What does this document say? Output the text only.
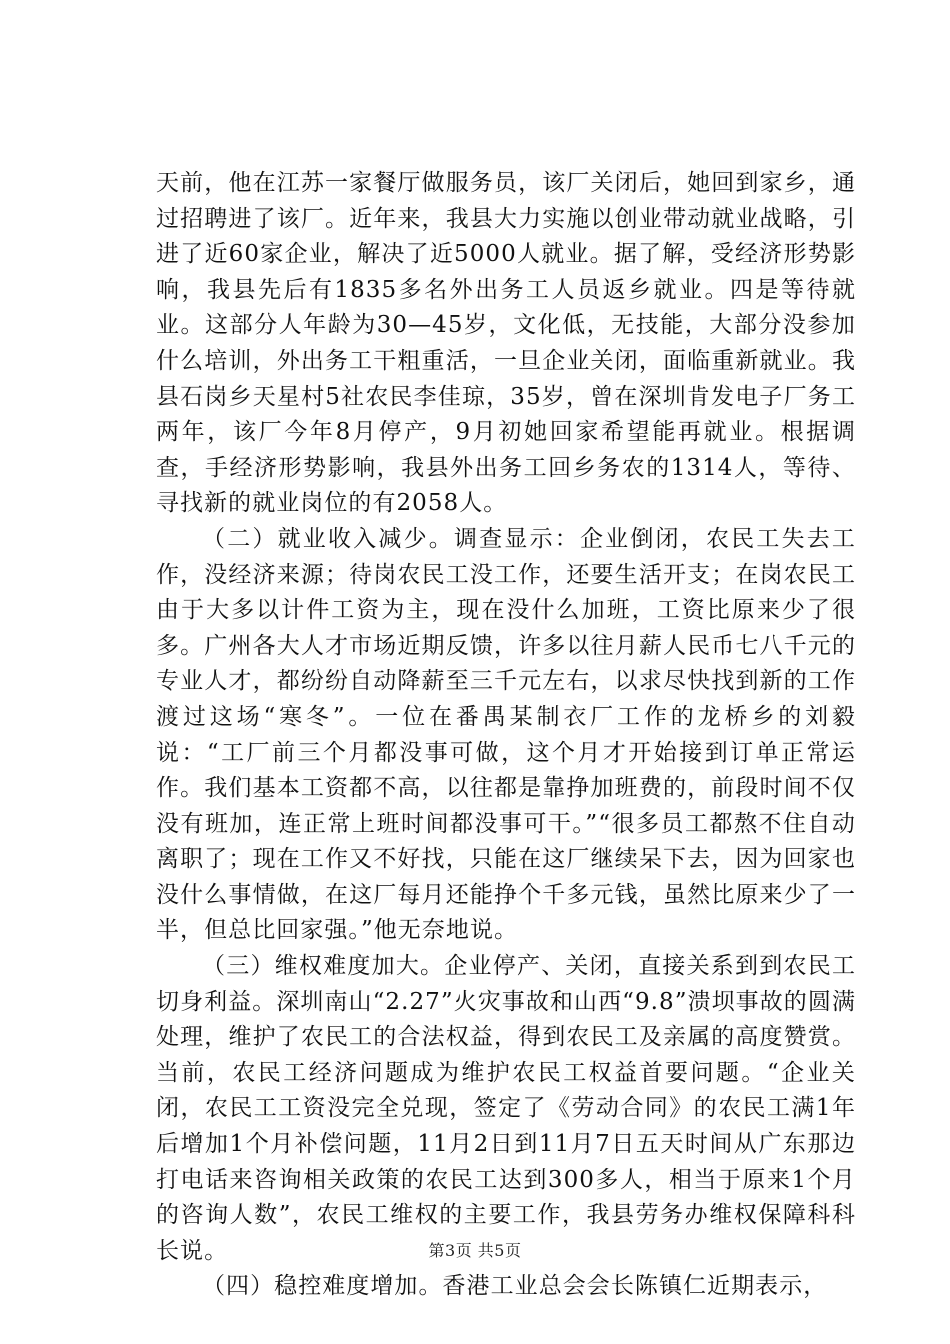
天前，他在江苏一家餐厅做服务员，该厂关闭后，她回到家乡，通过招聘进了该厂。近年来，我县大力实施以创业带动就业战略，引进了近60家企业，解决了近5000人就业。据了解，受经济形势影响，我县先后有1835多名外出务工人员返乡就业。四是等待就业。这部分人年龄为30—45岁，文化低，无技能，大部分没参加什么培训，外出务工干粗重活，一旦企业关闭，面临重新就业。我县石岗乡天星村5社农民李佳琼，35岁，曾在深圳肯发电子厂务工两年，该厂今年8月停产，9月初她回家希望能再就业。根据调查，手经济形势影响，我县外出务工回乡务农的1314人，等待、寻找新的就业岗位的有2058人。

（二）就业收入减少。调查显示：企业倒闭，农民工失去工作，没经济来源；待岗农民工没工作，还要生活开支；在岗农民工由于大多以计件工资为主，现在没什么加班，工资比原来少了很多。广州各大人才市场近期反馈，许多以往月薪人民币七八千元的专业人才，都纷纷自动降薪至三千元左右，以求尽快找到新的工作渡过这场“寒冬”。一位在番禺某制衣厂工作的龙桥乡的刘毅说：“工厂前三个月都没事可做，这个月才开始接到订单正常运作。我们基本工资都不高，以往都是靠挣加班费的，前段时间不仅没有班加，连正常上班时间都没事可干。”“很多员工都熬不住自动离职了；现在工作又不好找，只能在这厂继续呆下去，因为回家也没什么事情做，在这厂每月还能挣个千多元钱，虽然比原来少了一半，但总比回家强。”他无奈地说。

（三）维权难度加大。企业停产、关闭，直接关系到到农民工切身利益。深圳南山“2.27”火灾事故和山西“9.8”溃坝事故的圆满处理，维护了农民工的合法权益，得到农民工及亲属的高度赞赏。当前，农民工经济问题成为维护农民工权益首要问题。“企业关闭，农民工工资没完全兑现，签定了《劳动合同》的农民工满1年后增加1个月补偿问题，11月2日到11月7日五天时间从广东那边打电话来咨询相关政策的农民工达到300多人，相当于原来1个月的咨询人数”，农民工维权的主要工作，我县劳务办维权保障科科长说。

（四）稳控难度增加。香港工业总会会长陈镇仁近期表示，

第3页 共5页
